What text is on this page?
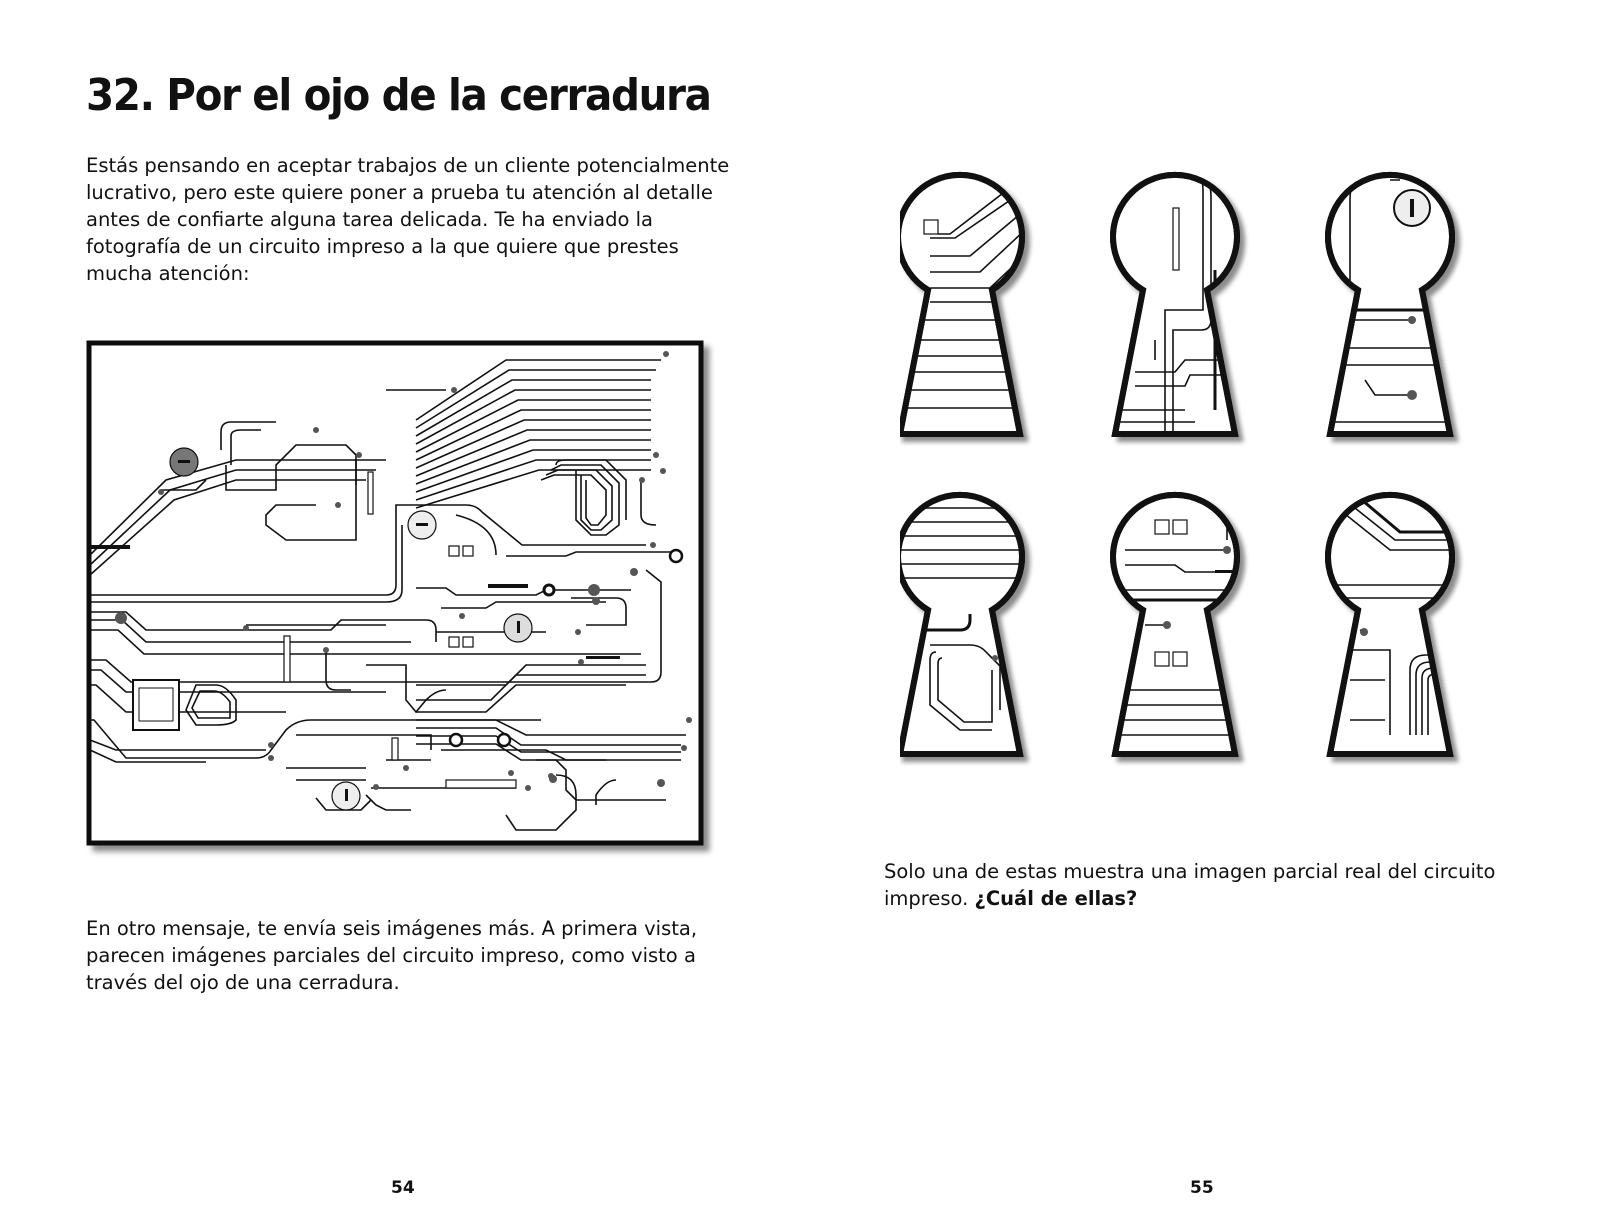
32. Por el ojo de la cerradura

Estás pensando en aceptar trabajos de un cliente potencialmente lucrativo, pero este quiere poner a prueba tu atención al detalle antes de confiarte alguna tarea delicada. Te ha enviado la fotografía de un circuito impreso a la que quiere que prestes mucha atención:

En otro mensaje, te envía seis imágenes más. A primera vista, parecen imágenes parciales del circuito impreso, como visto a través del ojo de una cerradura.

54

Solo una de estas muestra una imagen parcial real del circuito impreso. ¿Cuál de ellas?

55
